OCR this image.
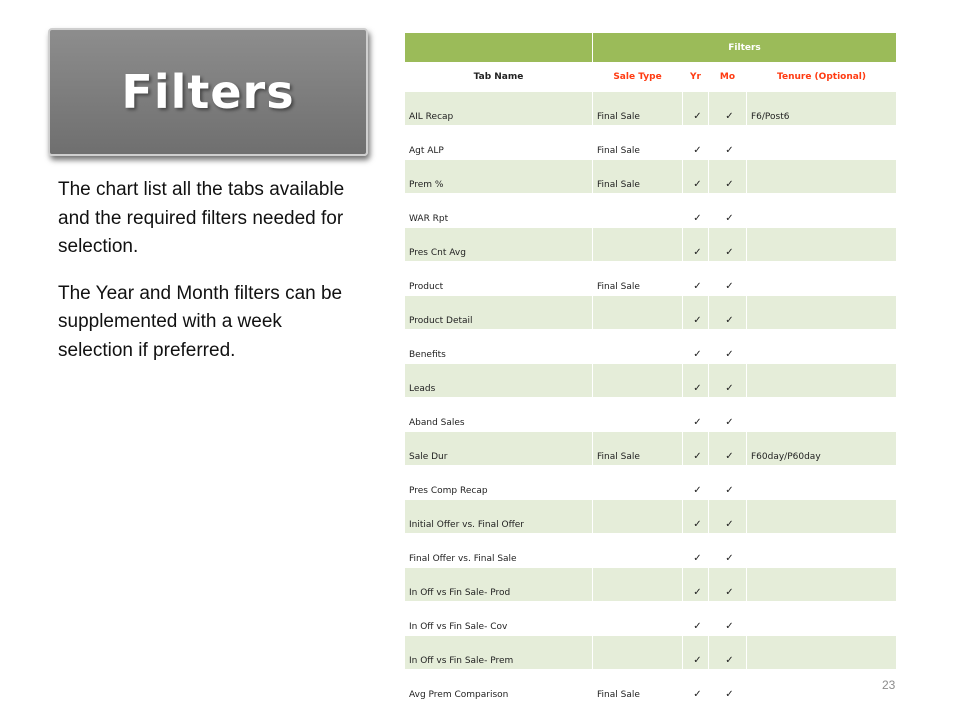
Filters

The chart list all the tabs available and the required filters needed for selection.

The Year and Month filters can be supplemented with a week selection if preferred.

	Filters			
Tab Name	Sale Type	Yr	Mo	Tenure (Optional)
AIL Recap	Final Sale	✓	✓	F6/Post6
Agt ALP	Final Sale	✓	✓	
Prem %	Final Sale	✓	✓	
WAR Rpt		✓	✓	
Pres Cnt Avg		✓	✓	
Product	Final Sale	✓	✓	
Product Detail		✓	✓	
Benefits		✓	✓	
Leads		✓	✓	
Aband Sales		✓	✓	
Sale Dur	Final Sale	✓	✓	F60day/P60day
Pres Comp Recap		✓	✓	
Initial Offer vs. Final Offer		✓	✓	
Final Offer vs. Final Sale		✓	✓	
In Off vs Fin Sale- Prod		✓	✓	
In Off vs Fin Sale- Cov		✓	✓	
In Off vs Fin Sale- Prem		✓	✓	
Avg Prem Comparison	Final Sale	✓	✓	
23
